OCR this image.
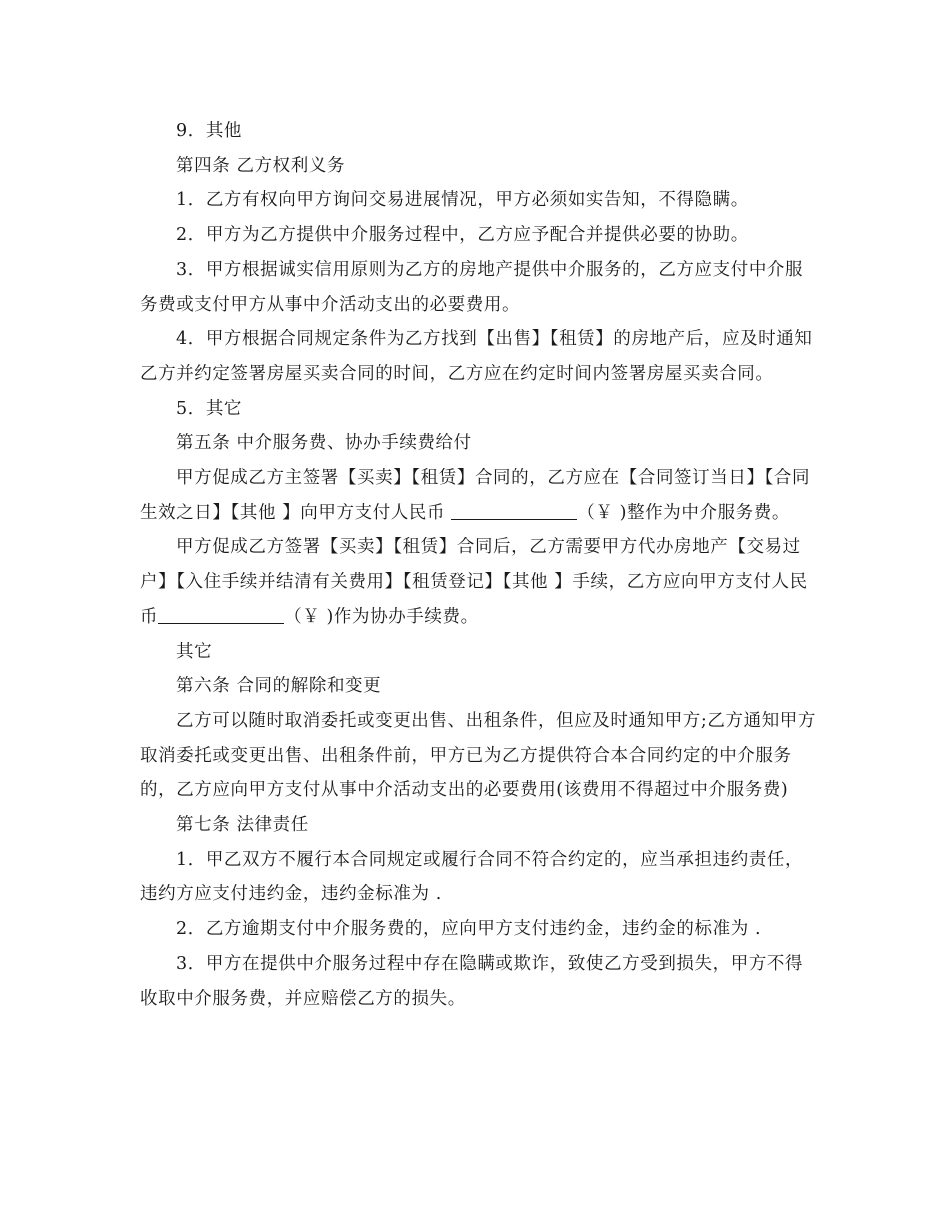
9．其他

第四条 乙方权利义务

1．乙方有权向甲方询问交易进展情况，甲方必须如实告知，不得隐瞒。

2．甲方为乙方提供中介服务过程中，乙方应予配合并提供必要的协助。

3．甲方根据诚实信用原则为乙方的房地产提供中介服务的，乙方应支付中介服务费或支付甲方从事中介活动支出的必要费用。

4．甲方根据合同规定条件为乙方找到【出售】【租赁】的房地产后，应及时通知乙方并约定签署房屋买卖合同的时间，乙方应在约定时间内签署房屋买卖合同。

5．其它

第五条 中介服务费、协办手续费给付

甲方促成乙方主签署【买卖】【租赁】合同的，乙方应在【合同签订当日】【合同生效之日】【其他 】向甲方支付人民币	（￥ )整作为中介服务费。

甲方促成乙方签署【买卖】【租赁】合同后，乙方需要甲方代办房地产【交易过户】【入住手续并结清有关费用】【租赁登记】【其他 】手续，乙方应向甲方支付人民币	（￥ )作为协办手续费。

其它

第六条 合同的解除和变更

乙方可以随时取消委托或变更出售、出租条件，但应及时通知甲方;乙方通知甲方取消委托或变更出售、出租条件前，甲方已为乙方提供符合本合同约定的中介服务的，乙方应向甲方支付从事中介活动支出的必要费用(该费用不得超过中介服务费)

第七条 法律责任

1．甲乙双方不履行本合同规定或履行合同不符合约定的，应当承担违约责任，违约方应支付违约金，违约金标准为 .

2．乙方逾期支付中介服务费的，应向甲方支付违约金，违约金的标准为 .

3．甲方在提供中介服务过程中存在隐瞒或欺诈，致使乙方受到损失，甲方不得收取中介服务费，并应赔偿乙方的损失。
